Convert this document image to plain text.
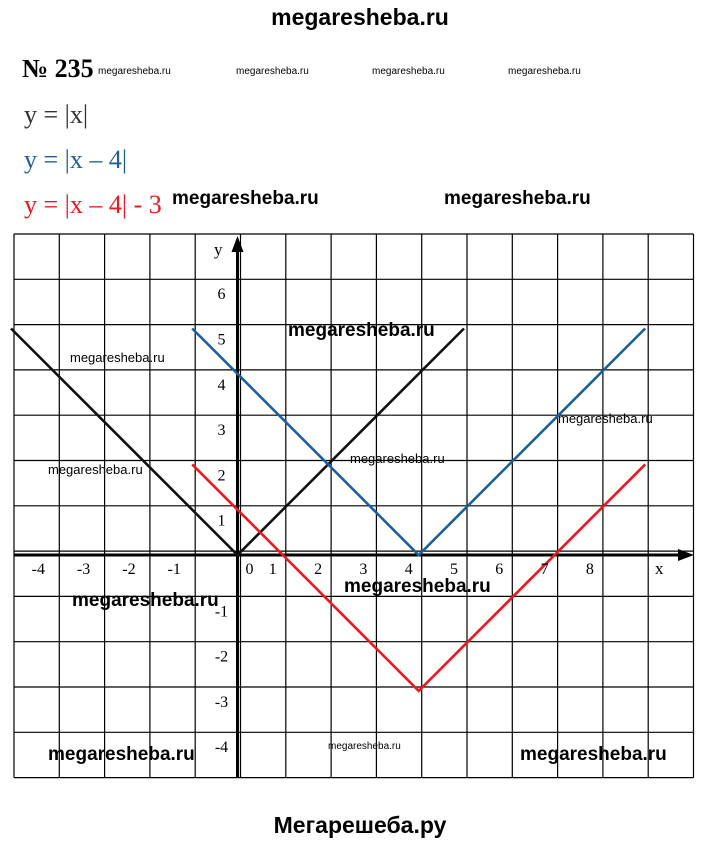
megaresheba.ru
№ 235
y = |x|
y = |x – 4|
y = |x – 4| - 3
x
y
-4 -3 -2 -1	0 1 2 3 4 5 6 7 8
1
2
3
4
5
6
-1
-2
-3
-4
megaresheba.ru	megaresheba.ru	megaresheba.ru	megaresheba.ru
megaresheba.ru
megaresheba.ru
megaresheba.ru
megaresheba.ru
megaresheba.ru
megaresheba.ru	megaresheba.ru
megaresheba.ru
megaresheba.ru
megaresheba.ru
megaresheba.ru	megaresheba.ru
Мегарешеба.ру
